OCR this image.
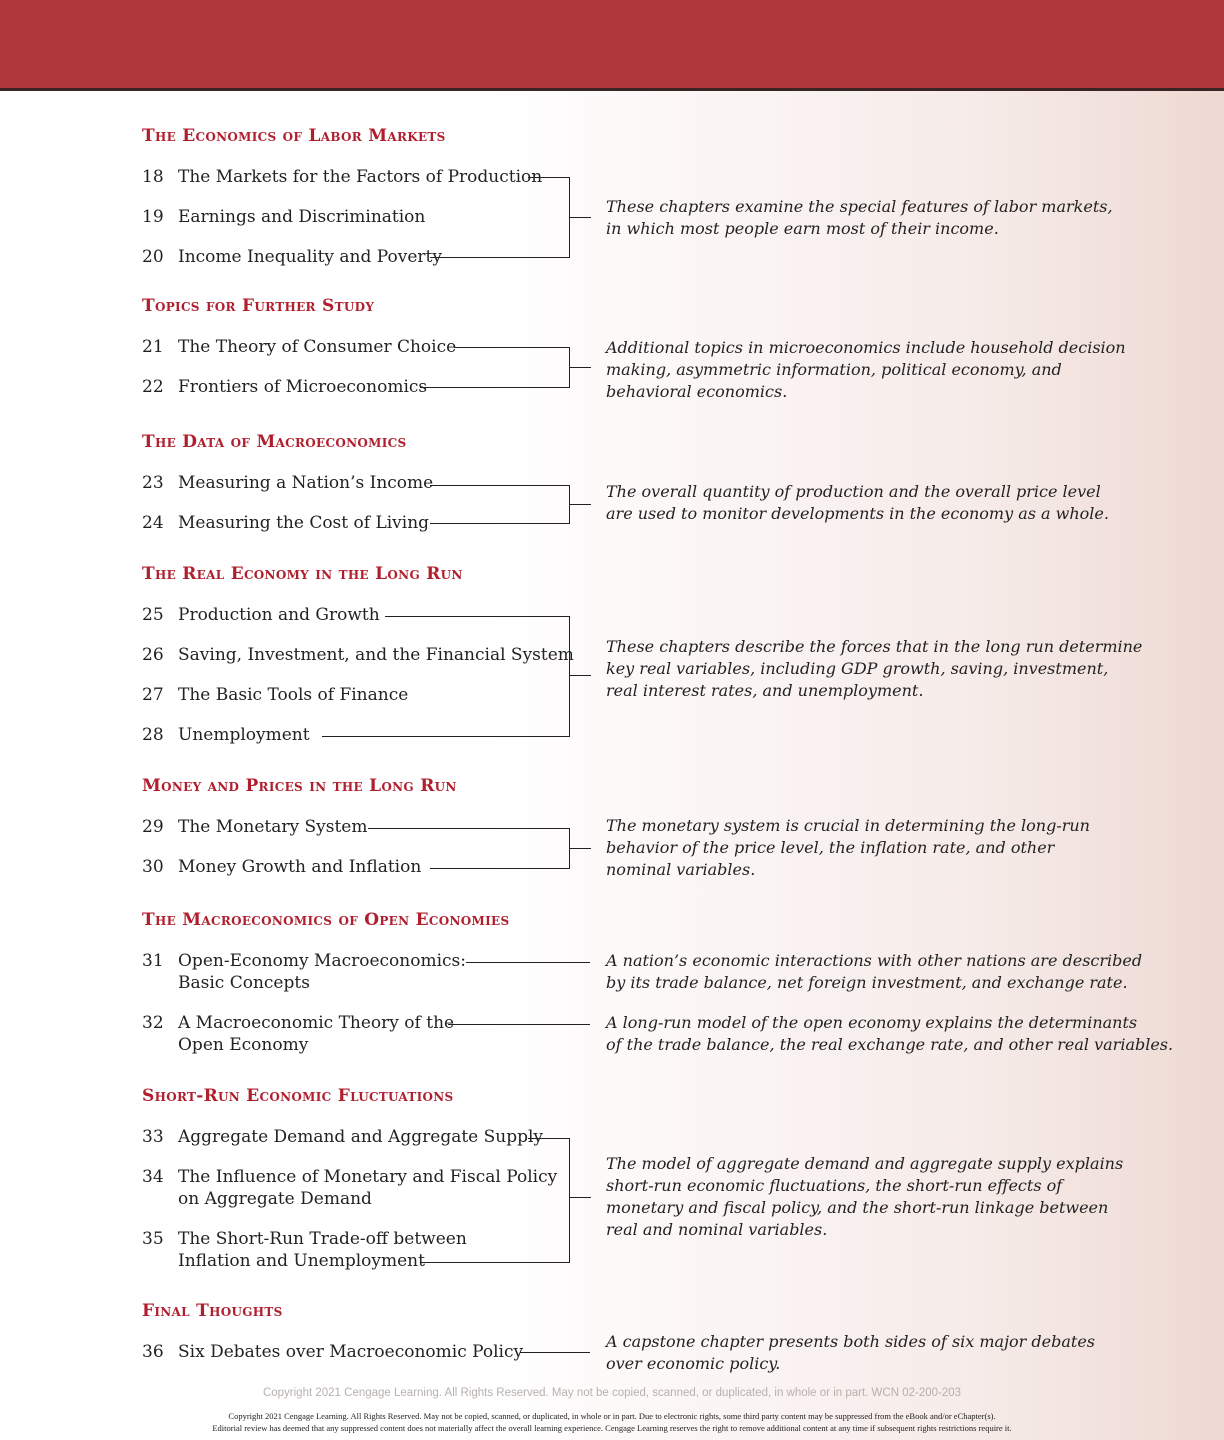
The Economics of Labor Markets
18 The Markets for the Factors of Production
19 Earnings and Discrimination
20 Income Inequality and Poverty
These chapters examine the special features of labor markets,
in which most people earn most of their income.
Topics for Further Study
21 The Theory of Consumer Choice
22 Frontiers of Microeconomics
Additional topics in microeconomics include household decision
making, asymmetric information, political economy, and
behavioral economics.
The Data of Macroeconomics
23 Measuring a Nation’s Income
24 Measuring the Cost of Living
The overall quantity of production and the overall price level
are used to monitor developments in the economy as a whole.
The Real Economy in the Long Run
25 Production and Growth
26 Saving, Investment, and the Financial System
27 The Basic Tools of Finance
28 Unemployment
These chapters describe the forces that in the long run determine
key real variables, including GDP growth, saving, investment,
real interest rates, and unemployment.
Money and Prices in the Long Run
29 The Monetary System
30 Money Growth and Inflation
The monetary system is crucial in determining the long-run
behavior of the price level, the inflation rate, and other
nominal variables.
The Macroeconomics of Open Economies
31 Open-Economy Macroeconomics:
Basic Concepts
A nation’s economic interactions with other nations are described
by its trade balance, net foreign investment, and exchange rate.
32 A Macroeconomic Theory of the
Open Economy
A long-run model of the open economy explains the determinants
of the trade balance, the real exchange rate, and other real variables.
Short-Run Economic Fluctuations
33 Aggregate Demand and Aggregate Supply
34 The Influence of Monetary and Fiscal Policy
on Aggregate Demand
35 The Short-Run Trade-off between
Inflation and Unemployment
The model of aggregate demand and aggregate supply explains
short-run economic fluctuations, the short-run effects of
monetary and fiscal policy, and the short-run linkage between
real and nominal variables.
Final Thoughts
36 Six Debates over Macroeconomic Policy
A capstone chapter presents both sides of six major debates
over economic policy.
Copyright 2021 Cengage Learning. All Rights Reserved. May not be copied, scanned, or duplicated, in whole or in part. WCN 02-200-203
Copyright 2021 Cengage Learning. All Rights Reserved. May not be copied, scanned, or duplicated, in whole or in part. Due to electronic rights, some third party content may be suppressed from the eBook and/or eChapter(s).
Editorial review has deemed that any suppressed content does not materially affect the overall learning experience. Cengage Learning reserves the right to remove additional content at any time if subsequent rights restrictions require it.
